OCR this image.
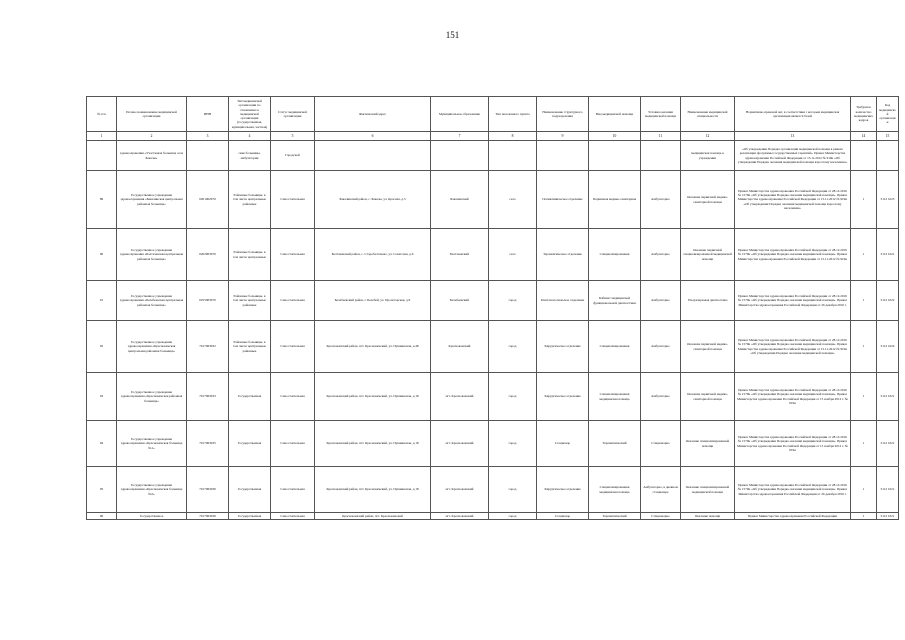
151
№ п/п	Полное наименование медицинской организации	ИНН	Тип медицинской организации по отношению к медицинской организации (государственная, муниципальная, частная)	Статус медицинской организации	Фактический адрес	Муниципальное образование	Тип населенного пункта	Наименование структурного подразделения	Вид медицинской помощи	Условия оказания медицинской помощи	Наименование медицинской специальности	Нормативно-правовой акт, в соответствии с которым медицинская организация является базой	Требуемое количество медицинских кадров	Код медицинской организации
1	2	3	4	5	6	7	8	9	10	11	12	13	14	15
	здравоохранения «Участковая больница села Бакалы»		ские больницы, амбулатории	Городской							медицинская помощь в учреждении	«Об утверждении Порядка организации медицинской помощи в рамках реализации программы государственных гарантий». Приказ Министерства здравоохранения Российской Федерации от 15.11.2012 № 919н «Об утверждении Порядка оказания медицинской помощи взрослому населению»		
89	Государственное учреждение здравоохранения «Бакалинская центральная районная больница»	0201002970	Районные больницы, в том числе центральные районные	Самостоятельная	Бакалинский район, с. Бакалы, ул. Красная, д.3	Бакалинский	село	Поликлиническое отделение	Первичная медико-санитарная	Амбулаторно	Оказание первичной медико-санитарной помощи	Приказ Министерства здравоохранения Российской Федерации от 28.12.2016 № 1579н «Об утверждении Порядка оказания медицинской помощи». Приказ Министерства здравоохранения Российской Федерации от 15.11.2012 № 919н «Об утверждении Порядка оказания медицинской помощи взрослому населению»	1	3112 1023
90	Государственное учреждение здравоохранения «Балтачевская центральная районная больница»	0202003970	Районные больницы, в том числе центральные	Самостоятельная	Балтачевский район, с. Старобалтачево, ул. Советская, д.6	Балтачевский	село	Терапевтическое отделение	Специализированная	Амбулаторно	Оказание первичной специализированной медицинской помощи	Приказ Министерства здравоохранения Российской Федерации от 28.12.2016 № 1579н «Об утверждении Порядка оказания медицинской помощи». Приказ Министерства здравоохранения Российской Федерации от 15.11.2012 № 919н	1	3112 1021
91	Государственное учреждение здравоохранения «Белебеевская центральная районная больница»	0255003970	Районные больницы, в том числе центральные районные	Самостоятельная	Белебеевский район, г. Белебей, ул. Пролетарская, д.9	Белебеевский	город	Рентгенологическое отделение	Кабинет медицинской функциональной диагностики	Амбулаторно	Ультразвуковая диагностика	Приказ Министерства здравоохранения Российской Федерации от 28.12.2016 № 1579н «Об утверждении Порядка оказания медицинской помощи». Приказ Министерства здравоохранения Российской Федерации от 26 декабря 2016 г.	1	3112 1022
92	Государственное учреждение здравоохранения «Краснокамская центральная районная больница»	7017063032	Районные больницы, в том числе центральные районные	Самостоятельная	Краснокамский район, пгт. Краснокамский, ул. Пушкинская, д.48	Краснокамский	город	Хирургическое отделение	Специализированная	Амбулаторно	Оказание первичной медико-санитарной помощи	Приказ Министерства здравоохранения Российской Федерации от 28.12.2016 № 1579н «Об утверждении Порядка оказания медицинской помощи». Приказ Министерства здравоохранения Российской Федерации от 15.11.2012 № 919н «Об утверждении Порядка оказания медицинской помощи»	1	3112 1024
93	Государственное учреждение здравоохранения «Краснокамская районная больница»	7017063033	Государственная	Самостоятельная	Краснокамский район, пгт. Краснокамский, ул. Пушкинская, д.18	пгт. Краснокамский	город	Хирургическое отделение	Специализированная медицинская помощь	Амбулаторно	Оказание первичной медико-санитарной помощи	Приказ Министерства здравоохранения Российской Федерации от 28.12.2016 № 1579н «Об утверждении Порядка оказания медицинской помощи». Приказ Министерства здравоохранения Российской Федерации от 15 ноября 2012 г. № 919н	1	3112 1021
94	Государственное учреждение здравоохранения «Краснокамская больница №1»	7017063035	Государственная	Самостоятельная	Краснокамский район, пгт. Краснокамский, ул. Пушкинская, д.18	пгт. Краснокамский	город	Стационар	Терапевтический	Стационарно	Оказание специализированной помощи	Приказ Министерства здравоохранения Российской Федерации от 28.12.2016 № 1579н «Об утверждении Порядка оказания медицинской помощи». Приказ Министерства здравоохранения Российской Федерации от 15 ноября 2012 г. № 919н	1	3112 1021
95	Государственное учреждение здравоохранения «Краснокамская больница №2»	7017063036	Государственная	Самостоятельная	Краснокамский район, пгт. Краснокамский, ул. Пушкинская, д.18	пгт. Краснокамский	город	Хирургическое отделение	Специализированная медицинская помощь	Амбулаторно, в дневном стационаре	Оказание специализированной медицинской помощи	Приказ Министерства здравоохранения Российской Федерации от 28.12.2016 № 1579н «Об утверждении Порядка оказания медицинской помощи». Приказ Министерства здравоохранения Российской Федерации от 26 декабря 2016 г.	1	3112 1021
96	Государственное	7017063036	Государственная	Самостоятельная	Краснокамский район, пгт. Краснокамский	пгт. Краснокамский	город	Стационар	Терапевтический	Стационарно	Оказание помощи	Приказ Министерства здравоохранения Российской Федерации	1	3112 1021
